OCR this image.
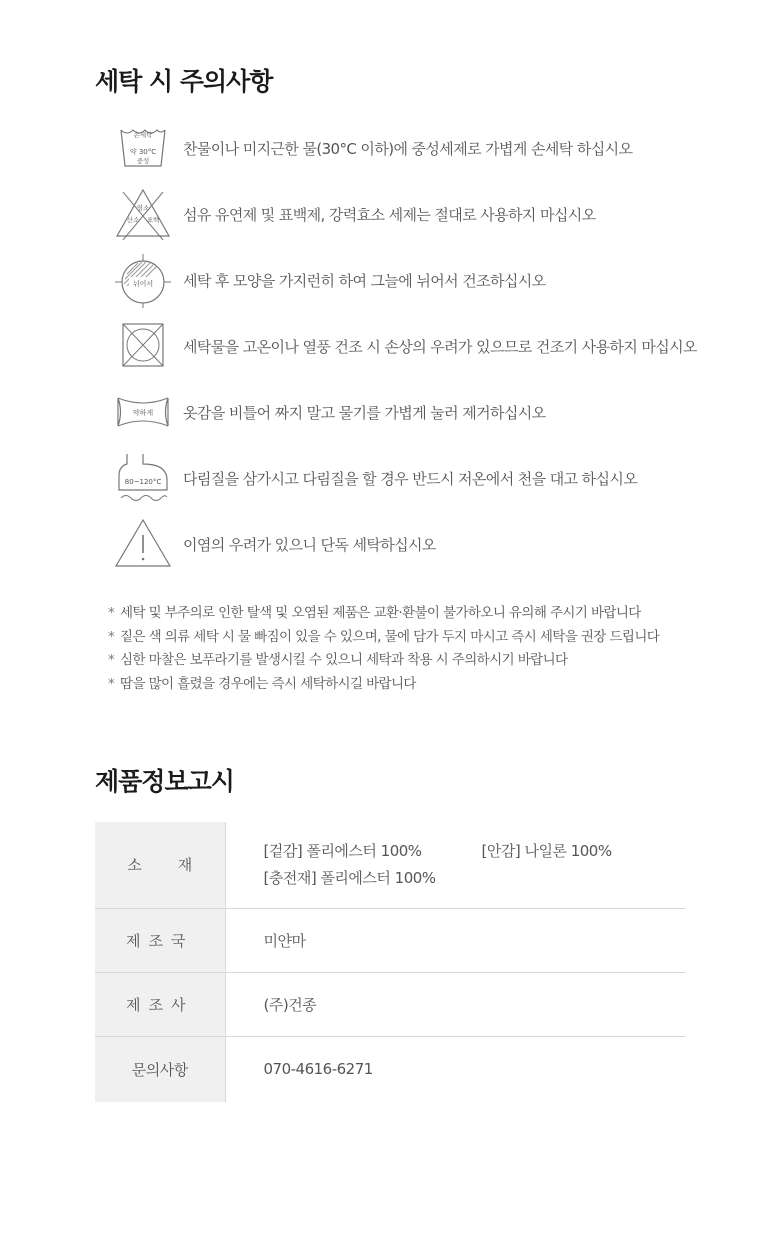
세탁 시 주의사항
손세탁
약 30°C
중성
찬물이나 미지근한 물(30°C 이하)에 중성세제로 가볍게 손세탁 하십시오
염소
산소 표백 섬유 유연제 및 표백제, 강력효소 세제는 절대로 사용하지 마십시오
뉘어서 세탁 후 모양을 가지런히 하여 그늘에 뉘어서 건조하십시오
세탁물을 고온이나 열풍 건조 시 손상의 우려가 있으므로 건조기 사용하지 마십시오
약하게 옷감을 비틀어 짜지 말고 물기를 가볍게 눌러 제거하십시오
80~120°C 다림질을 삼가시고 다림질을 할 경우 반드시 저온에서 천을 대고 하십시오
이염의 우려가 있으니 단독 세탁하십시오
* 세탁 및 부주의로 인한 탈색 및 오염된 제품은 교환·환불이 불가하오니 유의해 주시기 바랍니다
* 짙은 색 의류 세탁 시 물 빠짐이 있을 수 있으며, 물에 담가 두지 마시고 즉시 세탁을 권장 드립니다
* 심한 마찰은 보푸라기를 발생시킬 수 있으니 세탁과 착용 시 주의하시기 바랍니다
* 땀을 많이 흘렸을 경우에는 즉시 세탁하시길 바랍니다
제품정보고시
소재	[겉감] 폴리에스터 100% [안감] 나일론 100%
[충전재] 폴리에스터 100%

제조국	미얀마
제조사	(주)건종
문의사항	070-4616-6271
